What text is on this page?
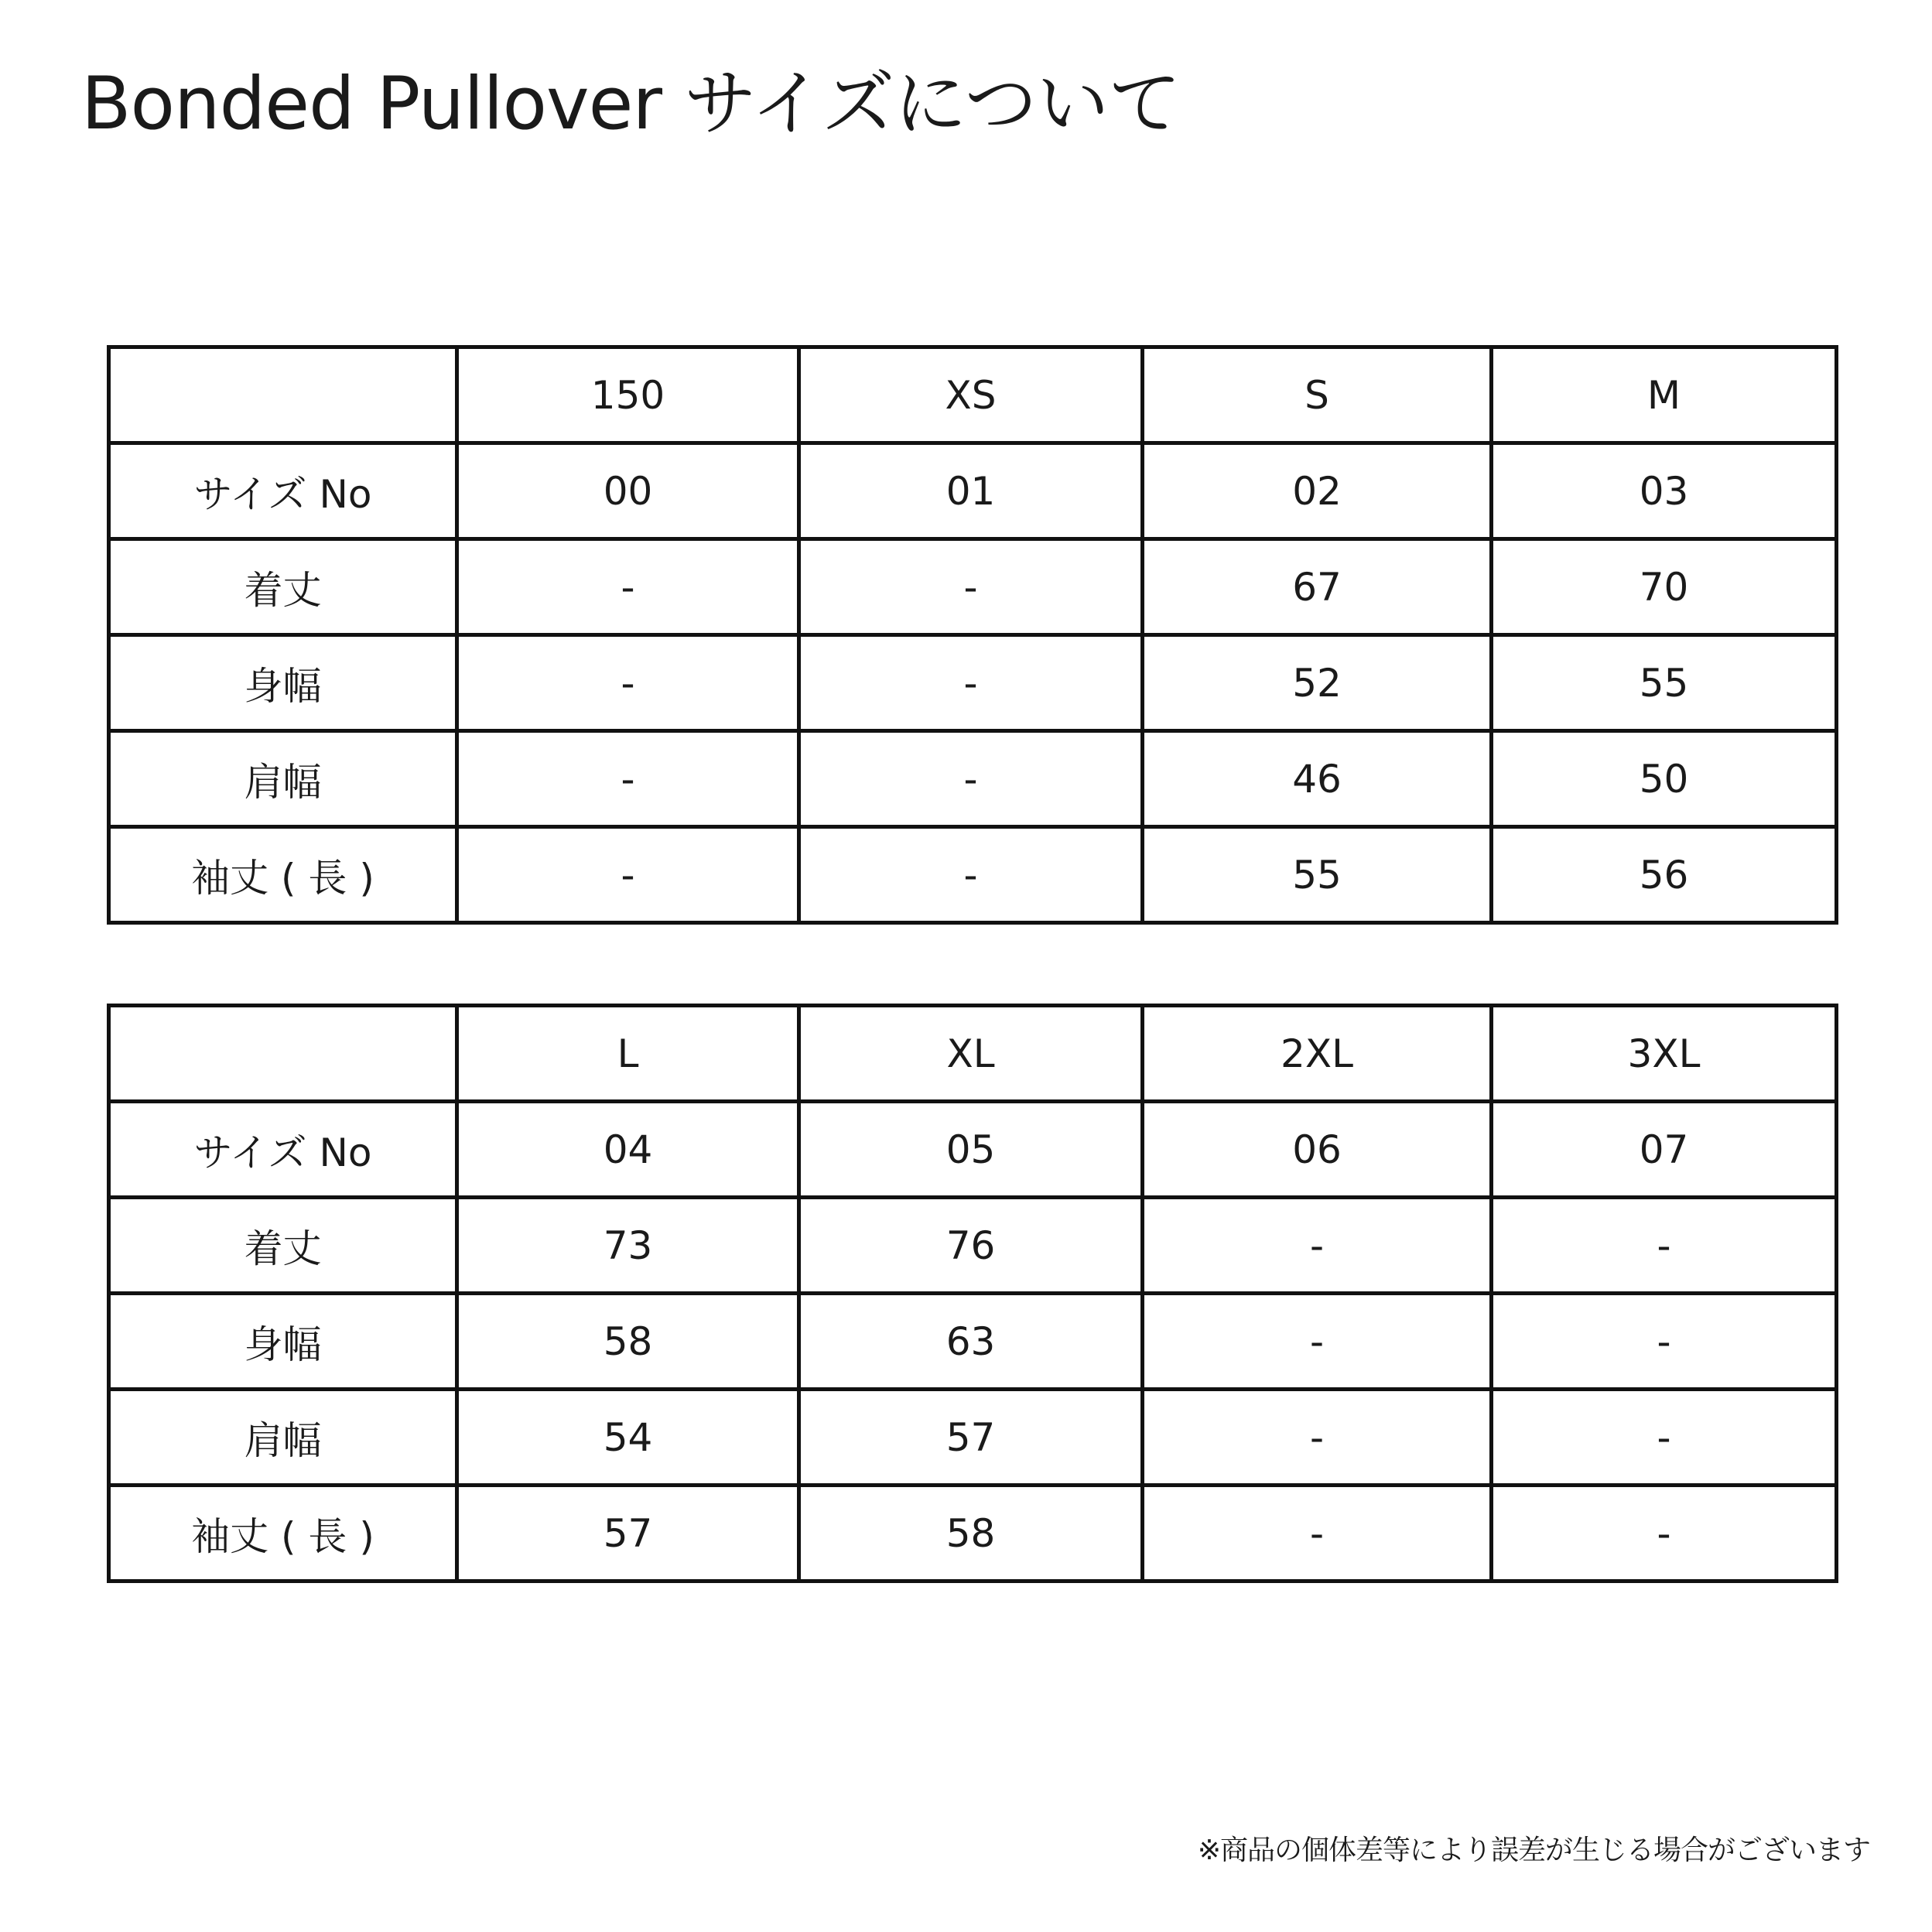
Bonded Pullover サイズについて
	150	XS	S	M
サイズ No	00	01	02	03
着丈	-	-	67	70
身幅	-	-	52	55
肩幅	-	-	46	50
袖丈 ( 長 )	-	-	55	56
	L	XL	2XL	3XL
サイズ No	04	05	06	07
着丈	73	76	-	-
身幅	58	63	-	-
肩幅	54	57	-	-
袖丈 ( 長 )	57	58	-	-
※商品の個体差等により誤差が生じる場合がございます
